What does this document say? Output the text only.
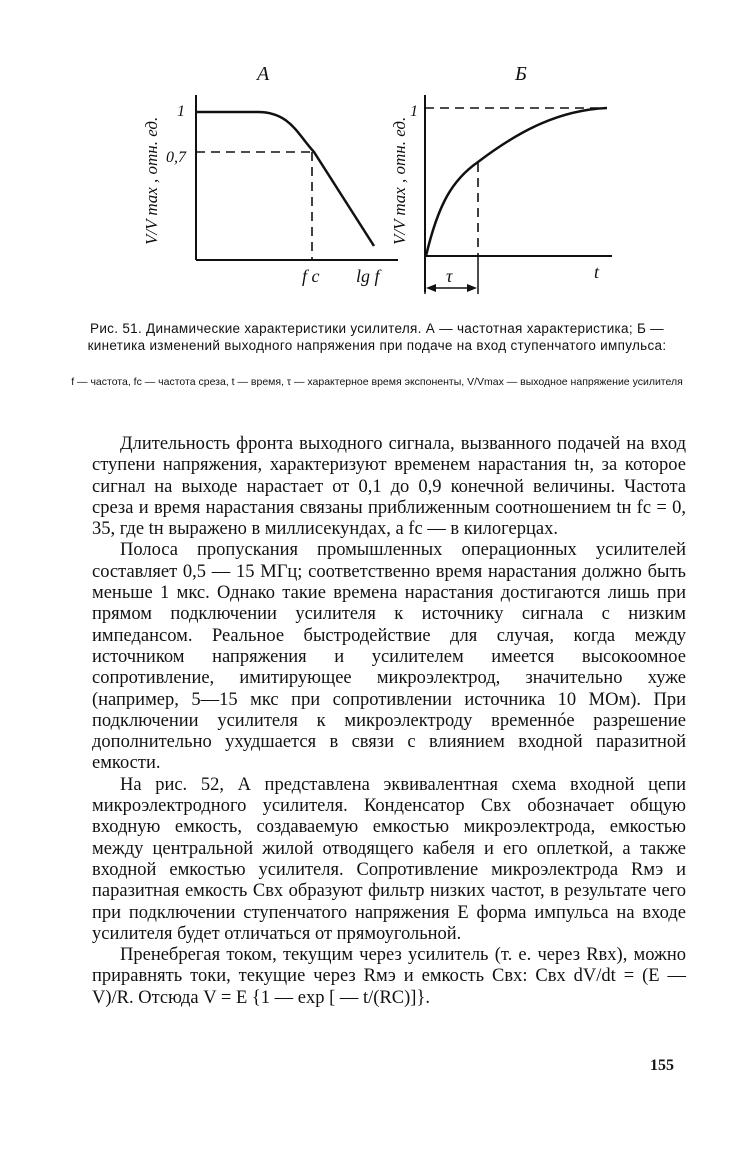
А
V/V max , отн. ед.
1
0,7
f c lg f
Б
V/V max , отн. ед.
1
τ	t
Рис. 51. Динамические характеристики усилителя. А — частотная характеристика; Б — кинетика изменений выходного напряжения при подаче на вход ступенчатого импульса:
f — частота, fc — частота среза, t — время, τ — характерное время экспоненты, V/Vmax — выходное напряжение усилителя

Длительность фронта выходного сигнала, вызванного подачей на вход ступени напряжения, характеризуют временем нарастания tн, за которое сигнал на выходе нарастает от 0,1 до 0,9 конечной величины. Частота среза и время нарастания связаны приближенным соотношением tн fc = 0, 35, где tн выражено в миллисекундах, а fc — в килогерцах.

Полоса пропускания промышленных операционных усилителей составляет 0,5 — 15 МГц; соответственно время нарастания должно быть меньше 1 мкс. Однако такие времена нарастания достигаются лишь при прямом подключении усилителя к источнику сигнала с низким импедансом. Реальное быстродействие для случая, когда между источником напряжения и усилителем имеется высокоомное сопротивление, имитирующее микроэлектрод, значительно хуже (например, 5—15 мкс при сопротивлении источника 10 МОм). При подключении усилителя к микроэлектроду временнóе разрешение дополнительно ухудшается в связи с влиянием входной паразитной емкости.

На рис. 52, А представлена эквивалентная схема входной цепи микроэлектродного усилителя. Конденсатор Cвх обозначает общую входную емкость, создаваемую емкостью микроэлектрода, емкостью между центральной жилой отводящего кабеля и его оплеткой, а также входной емкостью усилителя. Сопротивление микроэлектрода Rмэ и паразитная емкость Cвх образуют фильтр низких частот, в результате чего при подключении ступенчатого напряжения E форма импульса на входе усилителя будет отличаться от прямоугольной.

Пренебрегая током, текущим через усилитель (т. е. через Rвх), можно приравнять токи, текущие через Rмэ и емкость Cвх: Cвх dV/dt = (E — V)/R. Отсюда V = E {1 — exp [ — t/(RC)]}.

155
